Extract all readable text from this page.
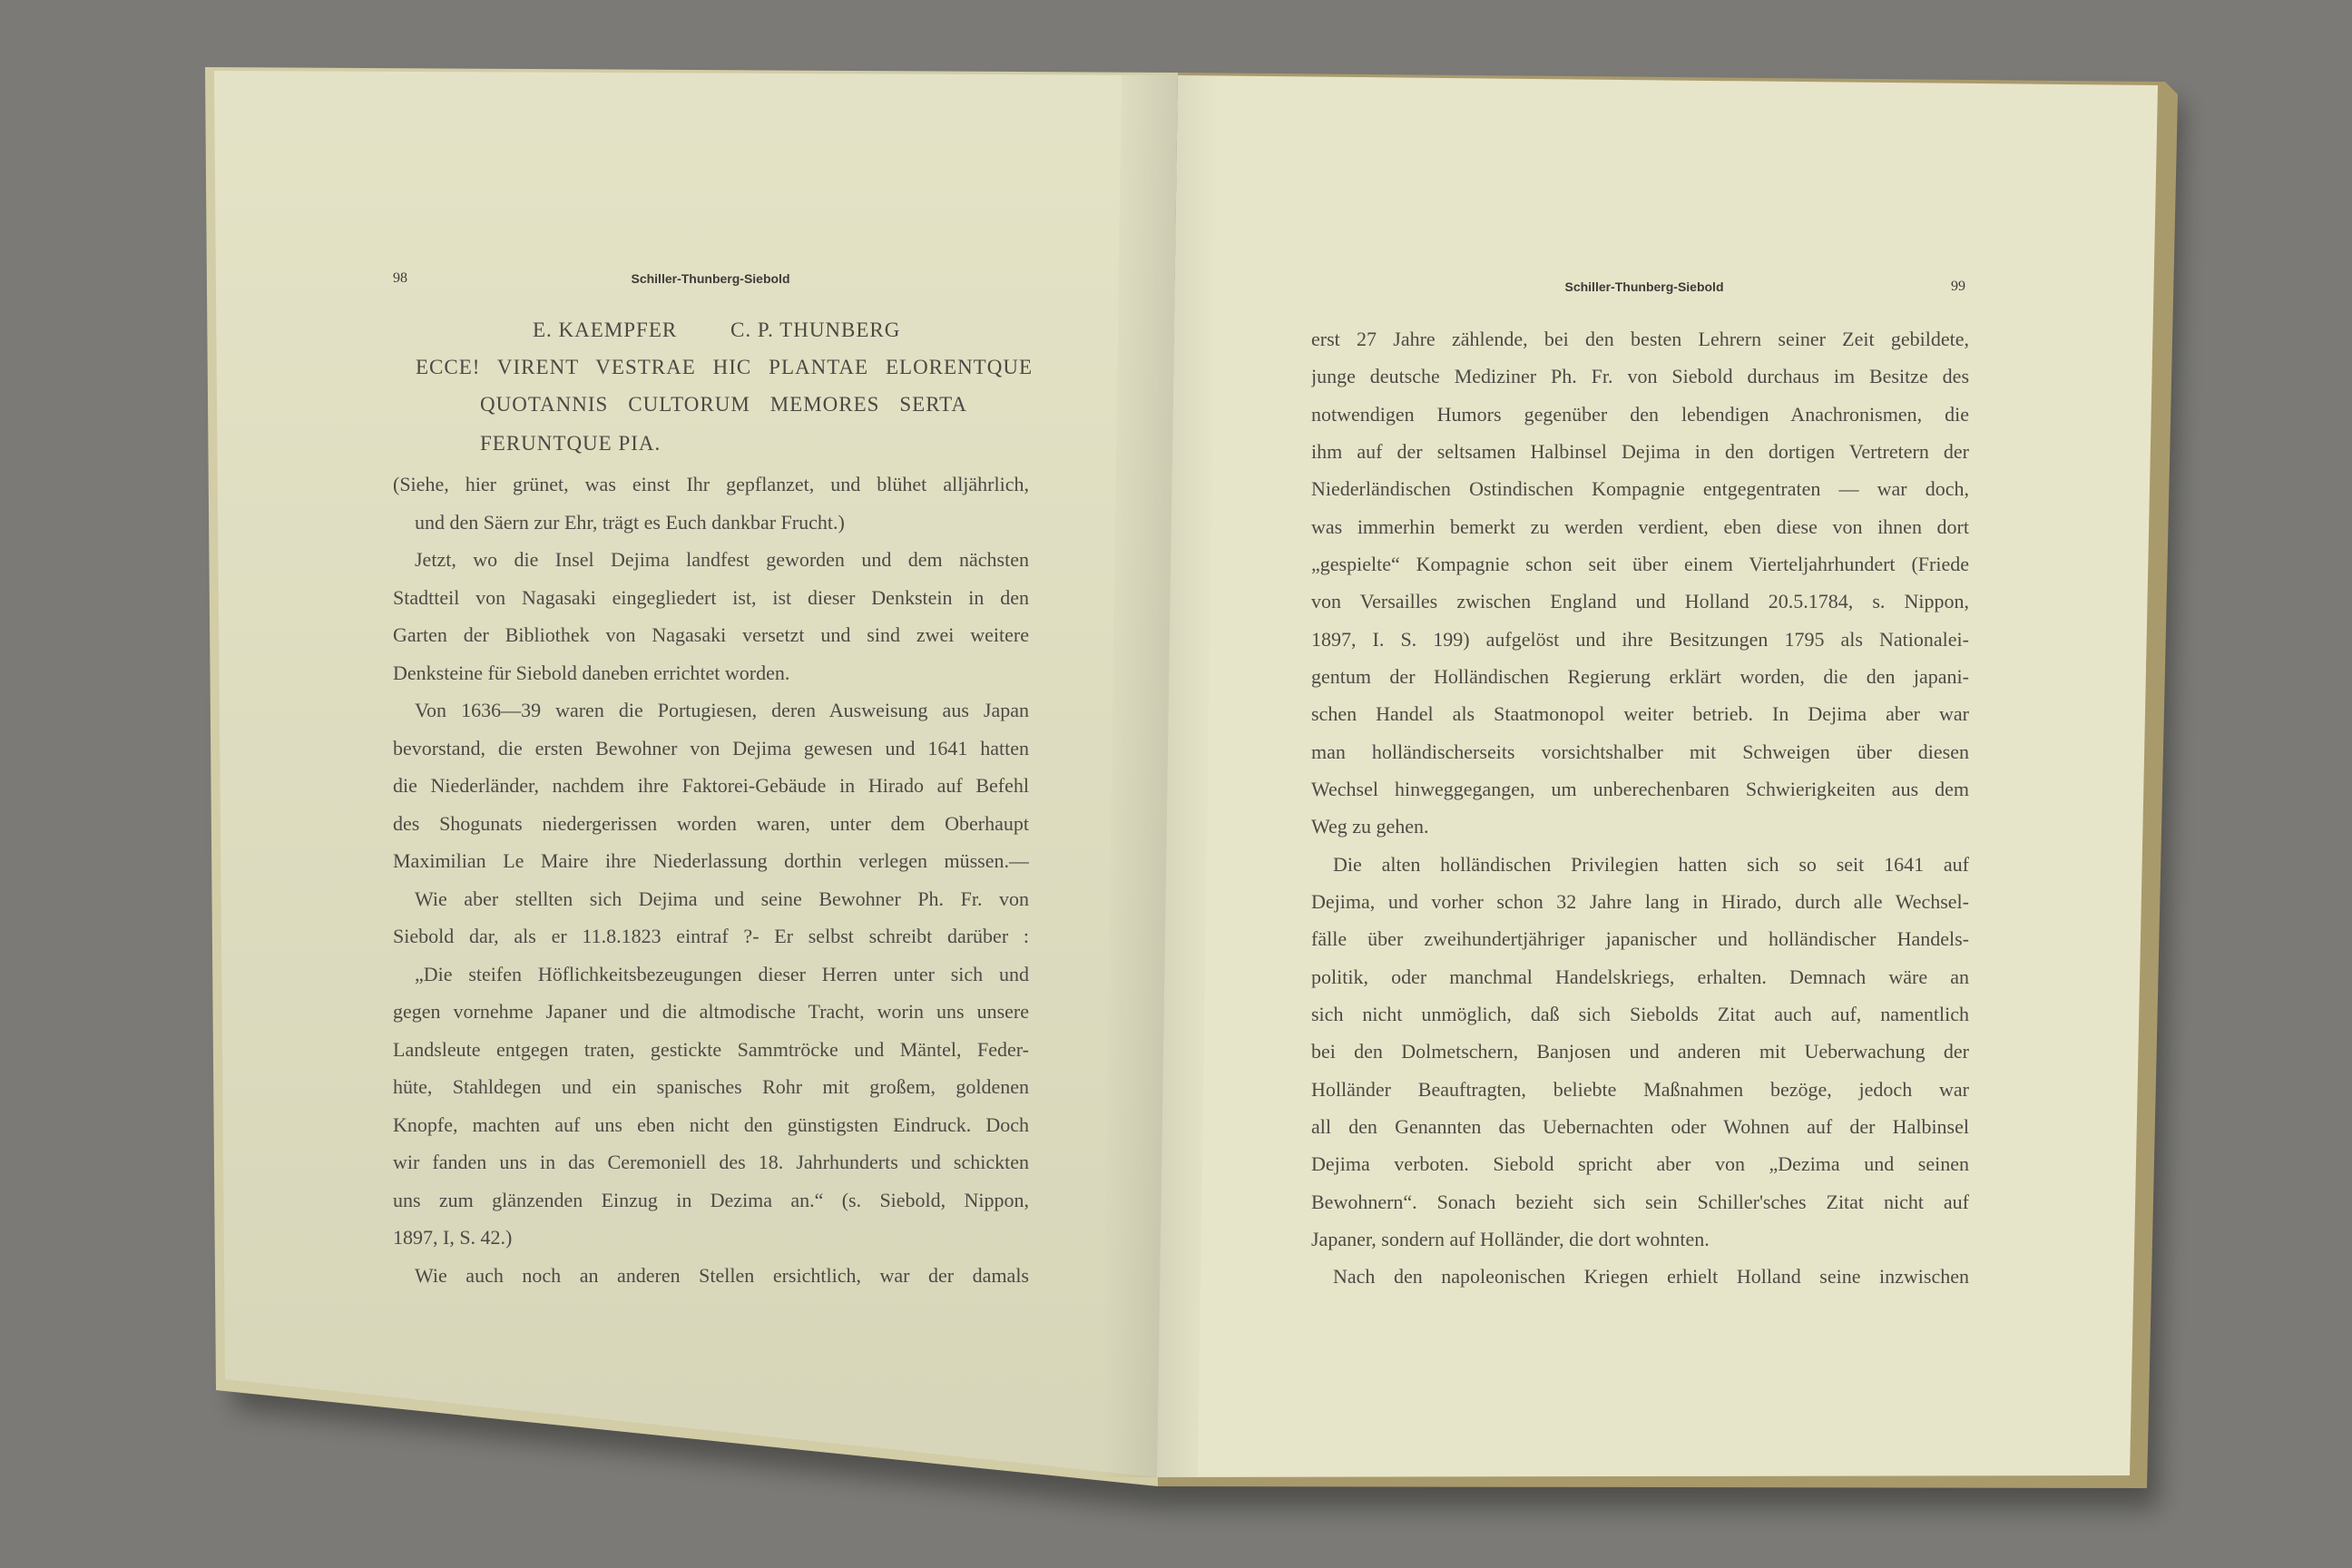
98	Schiller-Thunberg-Siebold
E. KAEMPFER	C. P. THUNBERG
ECCE! VIRENT VESTRAE HIC PLANTAE ELORENTQUE
QUOTANNIS CULTORUM MEMORES SERTA
FERUNTQUE PIA.
(Siehe, hier grünet, was einst Ihr gepflanzet, und blühet alljährlich,
und den Säern zur Ehr, trägt es Euch dankbar Frucht.)
Jetzt, wo die Insel Dejima landfest geworden und dem nächsten
Stadtteil von Nagasaki eingegliedert ist, ist dieser Denkstein in den
Garten der Bibliothek von Nagasaki versetzt und sind zwei weitere
Denksteine für Siebold daneben errichtet worden.
Von 1636—39 waren die Portugiesen, deren Ausweisung aus Japan
bevorstand, die ersten Bewohner von Dejima gewesen und 1641 hatten
die Niederländer, nachdem ihre Faktorei-Gebäude in Hirado auf Befehl
des Shogunats niedergerissen worden waren, unter dem Oberhaupt
Maximilian Le Maire ihre Niederlassung dorthin verlegen müssen.—
Wie aber stellten sich Dejima und seine Bewohner Ph. Fr. von
Siebold dar, als er 11.8.1823 eintraf ?- Er selbst schreibt darüber :
„Die steifen Höflichkeitsbezeugungen dieser Herren unter sich und
gegen vornehme Japaner und die altmodische Tracht, worin uns unsere
Landsleute entgegen traten, gestickte Sammtröcke und Mäntel, Feder-
hüte, Stahldegen und ein spanisches Rohr mit großem, goldenen
Knopfe, machten auf uns eben nicht den günstigsten Eindruck. Doch
wir fanden uns in das Ceremoniell des 18. Jahrhunderts und schickten
uns zum glänzenden Einzug in Dezima an.“ (s. Siebold, Nippon,
1897, I, S. 42.)
Wie auch noch an anderen Stellen ersichtlich, war der damals
Schiller-Thunberg-Siebold	99
erst 27 Jahre zählende, bei den besten Lehrern seiner Zeit gebildete,
junge deutsche Mediziner Ph. Fr. von Siebold durchaus im Besitze des
notwendigen Humors gegenüber den lebendigen Anachronismen, die
ihm auf der seltsamen Halbinsel Dejima in den dortigen Vertretern der
Niederländischen Ostindischen Kompagnie entgegentraten — war doch,
was immerhin bemerkt zu werden verdient, eben diese von ihnen dort
„gespielte“ Kompagnie schon seit über einem Vierteljahrhundert (Friede
von Versailles zwischen England und Holland 20.5.1784, s. Nippon,
1897, I. S. 199) aufgelöst und ihre Besitzungen 1795 als Nationalei-
gentum der Holländischen Regierung erklärt worden, die den japani-
schen Handel als Staatmonopol weiter betrieb. In Dejima aber war
man holländischerseits vorsichtshalber mit Schweigen über diesen
Wechsel hinweggegangen, um unberechenbaren Schwierigkeiten aus dem
Weg zu gehen.
Die alten holländischen Privilegien hatten sich so seit 1641 auf
Dejima, und vorher schon 32 Jahre lang in Hirado, durch alle Wechsel-
fälle über zweihundertjähriger japanischer und holländischer Handels-
politik, oder manchmal Handelskriegs, erhalten. Demnach wäre an
sich nicht unmöglich, daß sich Siebolds Zitat auch auf, namentlich
bei den Dolmetschern, Banjosen und anderen mit Ueberwachung der
Holländer Beauftragten, beliebte Maßnahmen bezöge, jedoch war
all den Genannten das Uebernachten oder Wohnen auf der Halbinsel
Dejima verboten. Siebold spricht aber von „Dezima und seinen
Bewohnern“. Sonach bezieht sich sein Schiller'sches Zitat nicht auf
Japaner, sondern auf Holländer, die dort wohnten.
Nach den napoleonischen Kriegen erhielt Holland seine inzwischen
